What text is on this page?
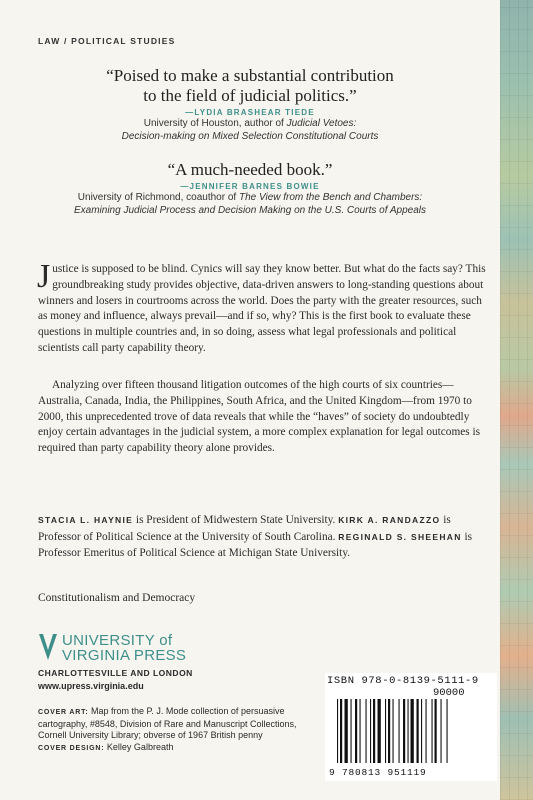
LAW / POLITICAL STUDIES
“Poised to make a substantial contribution
to the field of judicial politics.”
—LYDIA BRASHEAR TIEDE
University of Houston, author of Judicial Vetoes:
Decision-making on Mixed Selection Constitutional Courts
“A much-needed book.”
—JENNIFER BARNES BOWIE
University of Richmond, coauthor of The View from the Bench and Chambers:
Examining Judicial Process and Decision Making on the U.S. Courts of Appeals
Justice is supposed to be blind. Cynics will say they know better. But what do the facts say? This groundbreaking study provides objective, data-driven answers to long-standing questions about winners and losers in courtrooms across the world. Does the party with the greater resources, such as money and influence, always prevail—and if so, why? This is the first book to evaluate these questions in multiple countries and, in so doing, assess what legal professionals and political scientists call party capability theory.
Analyzing over fifteen thousand litigation outcomes of the high courts of six countries—Australia, Canada, India, the Philippines, South Africa, and the United Kingdom—from 1970 to 2000, this unprecedented trove of data reveals that while the “haves” of society do undoubtedly enjoy certain advantages in the judicial system, a more complex explanation for legal outcomes is required than party capability theory alone provides.
STACIA L. HAYNIE is President of Midwestern State University. KIRK A. RANDAZZO is Professor of Political Science at the University of South Carolina. REGINALD S. SHEEHAN is Professor Emeritus of Political Science at Michigan State University.
Constitutionalism and Democracy
UNIVERSITY of
VIRGINIA PRESS
CHARLOTTESVILLE AND LONDON
www.upress.virginia.edu
COVER ART: Map from the P. J. Mode collection of persuasive cartography, #8548, Division of Rare and Manuscript Collections, Cornell University Library; obverse of 1967 British penny
COVER DESIGN: Kelley Galbreath
ISBN 978-0-8139-5111-9
90000
9 780813 951119
